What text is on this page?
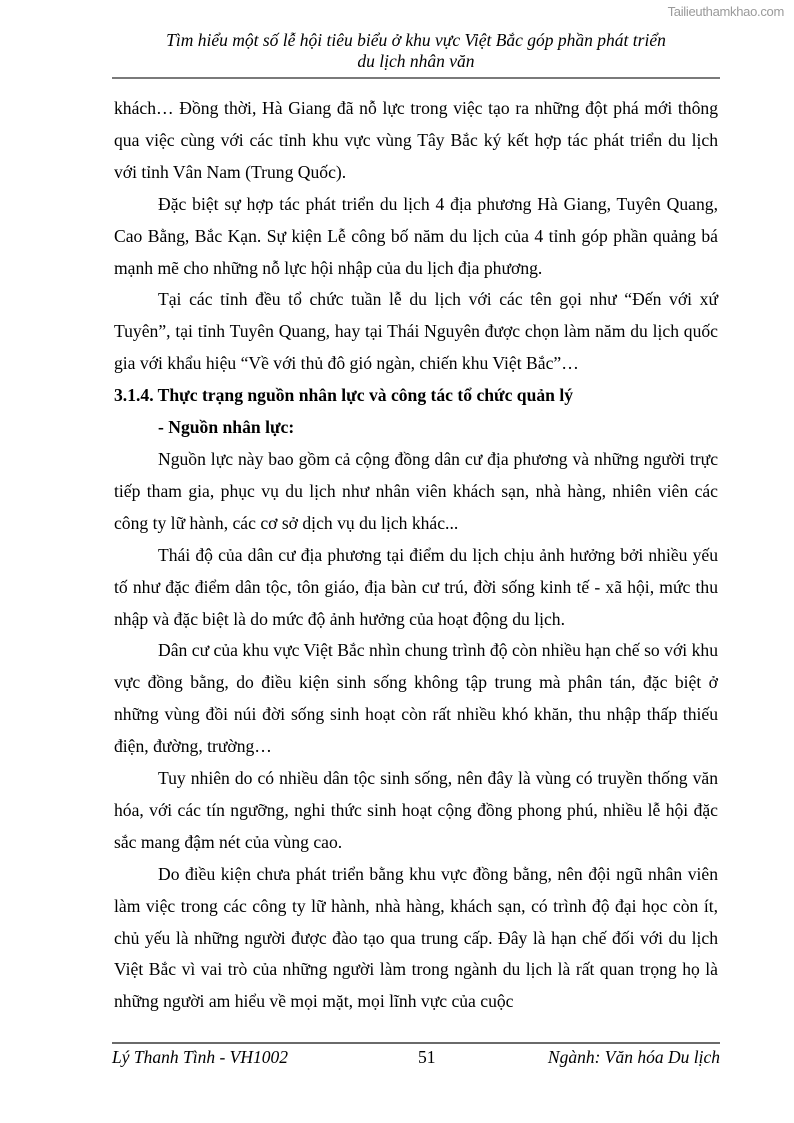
Tailieuthamkhao.com
Tìm hiểu một số lễ hội tiêu biểu ở khu vực Việt Bắc góp phần phát triển
du lịch nhân văn

khách… Đồng thời, Hà Giang đã nỗ lực trong việc tạo ra những đột phá mới thông qua việc cùng với các tỉnh khu vực vùng Tây Bắc ký kết hợp tác phát triển du lịch với tỉnh Vân Nam (Trung Quốc).

Đặc biệt sự hợp tác phát triển du lịch 4 địa phương Hà Giang, Tuyên Quang, Cao Bằng, Bắc Kạn. Sự kiện Lễ công bố năm du lịch của 4 tỉnh góp phần quảng bá mạnh mẽ cho những nỗ lực hội nhập của du lịch địa phương.

Tại các tỉnh đều tổ chức tuần lễ du lịch với các tên gọi như “Đến với xứ Tuyên”, tại tỉnh Tuyên Quang, hay tại Thái Nguyên được chọn làm năm du lịch quốc gia với khẩu hiệu “Về với thủ đô gió ngàn, chiến khu Việt Bắc”…

3.1.4. Thực trạng nguồn nhân lực và công tác tổ chức quản lý
- Nguồn nhân lực:

Nguồn lực này bao gồm cả cộng đồng dân cư địa phương và những người trực tiếp tham gia, phục vụ du lịch như nhân viên khách sạn, nhà hàng, nhiên viên các công ty lữ hành, các cơ sở dịch vụ du lịch khác...

Thái độ của dân cư địa phương tại điểm du lịch chịu ảnh hưởng bởi nhiều yếu tố như đặc điểm dân tộc, tôn giáo, địa bàn cư trú, đời sống kinh tế - xã hội, mức thu nhập và đặc biệt là do mức độ ảnh hưởng của hoạt động du lịch.

Dân cư của khu vực Việt Bắc nhìn chung trình độ còn nhiều hạn chế so với khu vực đồng bằng, do điều kiện sinh sống không tập trung mà phân tán, đặc biệt ở những vùng đồi núi đời sống sinh hoạt còn rất nhiều khó khăn, thu nhập thấp thiếu điện, đường, trường…

Tuy nhiên do có nhiều dân tộc sinh sống, nên đây là vùng có truyền thống văn hóa, với các tín ngưỡng, nghi thức sinh hoạt cộng đồng phong phú, nhiều lễ hội đặc sắc mang đậm nét của vùng cao.

Do điều kiện chưa phát triển bằng khu vực đồng bằng, nên đội ngũ nhân viên làm việc trong các công ty lữ hành, nhà hàng, khách sạn, có trình độ đại học còn ít, chủ yếu là những người được đào tạo qua trung cấp. Đây là hạn chế đối với du lịch Việt Bắc vì vai trò của những người làm trong ngành du lịch là rất quan trọng họ là những người am hiểu về mọi mặt, mọi lĩnh vực của cuộc

Lý Thanh Tình - VH1002	51	Ngành: Văn hóa Du lịch
